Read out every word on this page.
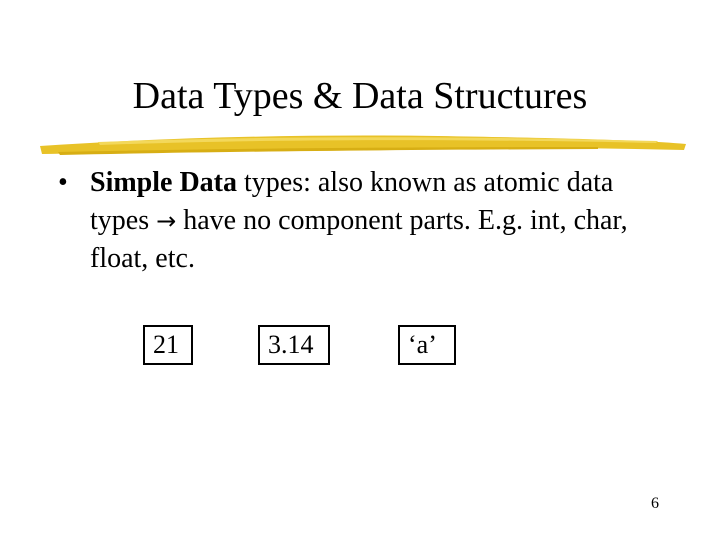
Data Types & Data Structures
• Simple Data types: also known as atomic data types → have no component parts. E.g. int, char, float, etc.
21	3.14	‘a’
6
